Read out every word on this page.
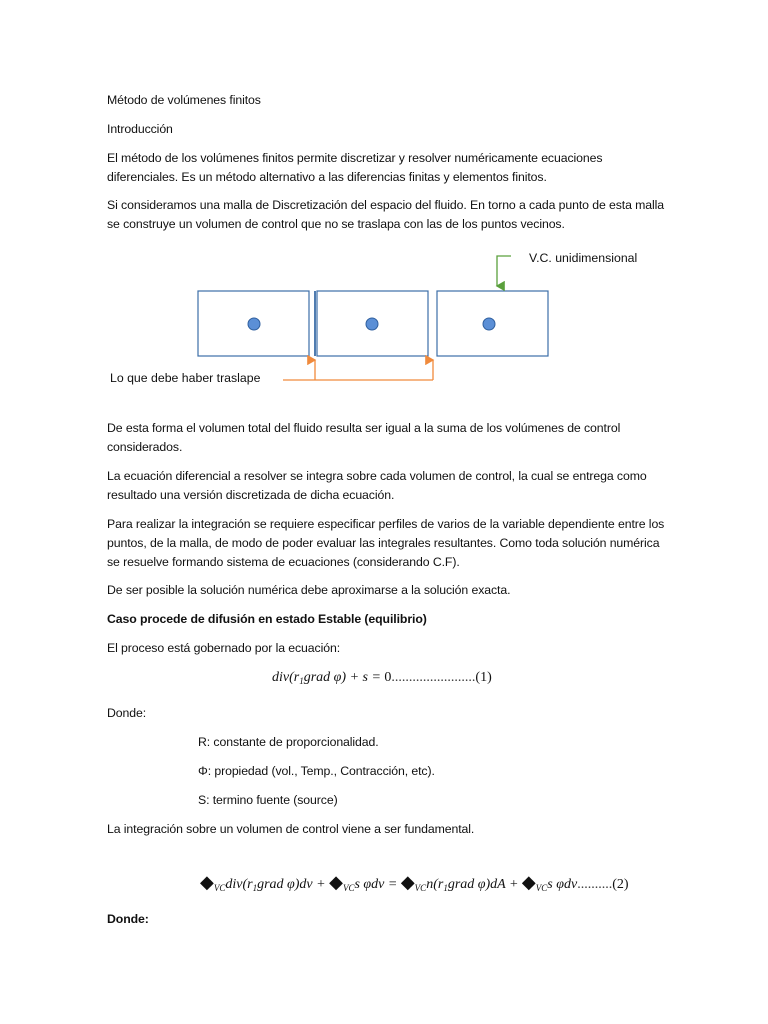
Método de volúmenes finitos

Introducción

El método de los volúmenes finitos permite discretizar y resolver numéricamente ecuaciones diferenciales. Es un método alternativo a las diferencias finitas y elementos finitos.

Si consideramos una malla de Discretización del espacio del fluido. En torno a cada punto de esta malla se construye un volumen de control que no se traslapa con las de los puntos vecinos.

V.C. unidimensional
Lo que debe haber traslape

De esta forma el volumen total del fluido resulta ser igual a la suma de los volúmenes de control considerados.

La ecuación diferencial a resolver se integra sobre cada volumen de control, la cual se entrega como resultado una versión discretizada de dicha ecuación.

Para realizar la integración se requiere especificar perfiles de varios de la variable dependiente entre los puntos, de la malla, de modo de poder evaluar las integrales resultantes. Como toda solución numérica se resuelve formando sistema de ecuaciones (considerando C.F).

De ser posible la solución numérica debe aproximarse a la solución exacta.

Caso procede de difusión en estado Estable (equilibrio)

El proceso está gobernado por la ecuación:

$div(r_1grad$ φ) + s = 0........................(1)

Donde:

R: constante de proporcionalidad.

Φ: propiedad (vol., Temp., Contracción, etc).

S: termino fuente (source)

La integración sobre un volumen de control viene a ser fundamental.

$◆_{VC}div(r_1grad$ $\varphi)dv + ◆_{VC}s$ $\varphi dv = ◆_{VC}n(r_1grad$ $\varphi)dA + ◆_{VC}s$ φdv..........(2)

Donde:
